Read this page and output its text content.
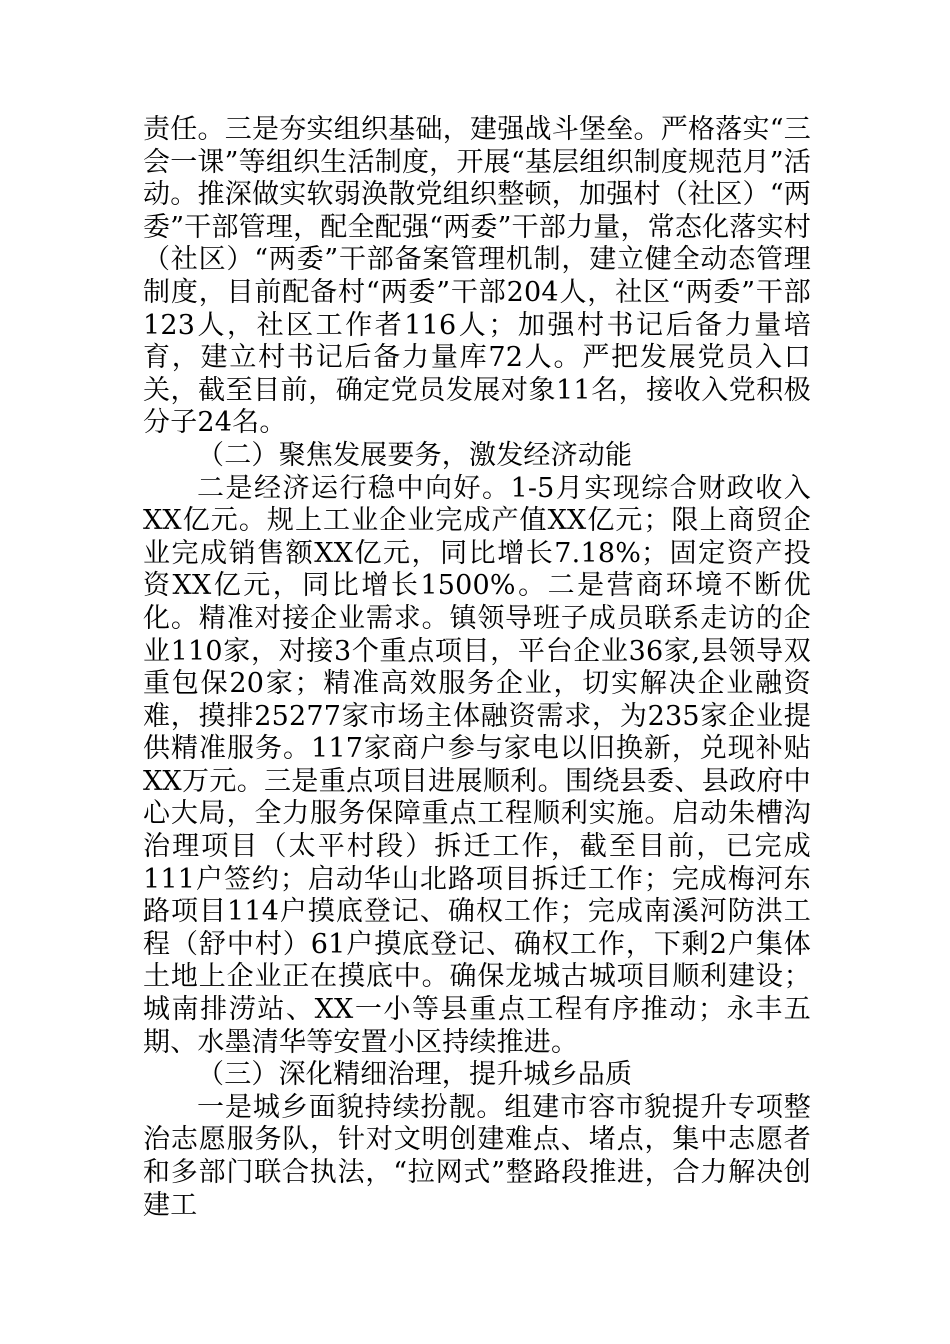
责任。三是夯实组织基础，建强战斗堡垒。严格落实“三会一课”等组织生活制度，开展“基层组织制度规范月”活动。推深做实软弱涣散党组织整顿，加强村（社区）“两委”干部管理，配全配强“两委”干部力量，常态化落实村（社区）“两委”干部备案管理机制，建立健全动态管理制度，目前配备村“两委”干部204人，社区“两委”干部123人，社区工作者116人；加强村书记后备力量培育，建立村书记后备力量库72人。严把发展党员入口关，截至目前，确定党员发展对象11名，接收入党积极分子24名。

（二）聚焦发展要务，激发经济动能

二是经济运行稳中向好。1-5月实现综合财政收入XX亿元。规上工业企业完成产值XX亿元；限上商贸企业完成销售额XX亿元，同比增长7.18%；固定资产投资XX亿元，同比增长1500%。二是营商环境不断优化。精准对接企业需求。镇领导班子成员联系走访的企业110家，对接3个重点项目，平台企业36家,县领导双重包保20家；精准高效服务企业，切实解决企业融资难，摸排25277家市场主体融资需求，为235家企业提供精准服务。117家商户参与家电以旧换新，兑现补贴XX万元。三是重点项目进展顺利。围绕县委、县政府中心大局，全力服务保障重点工程顺利实施。启动朱槽沟治理项目（太平村段）拆迁工作，截至目前，已完成111户签约；启动华山北路项目拆迁工作；完成梅河东路项目114户摸底登记、确权工作；完成南溪河防洪工程（舒中村）61户摸底登记、确权工作，下剩2户集体土地上企业正在摸底中。确保龙城古城项目顺利建设；城南排涝站、XX一小等县重点工程有序推动；永丰五期、水墨清华等安置小区持续推进。

（三）深化精细治理，提升城乡品质

一是城乡面貌持续扮靓。组建市容市貌提升专项整治志愿服务队，针对文明创建难点、堵点，集中志愿者和多部门联合执法，“拉网式”整路段推进，合力解决创建工
